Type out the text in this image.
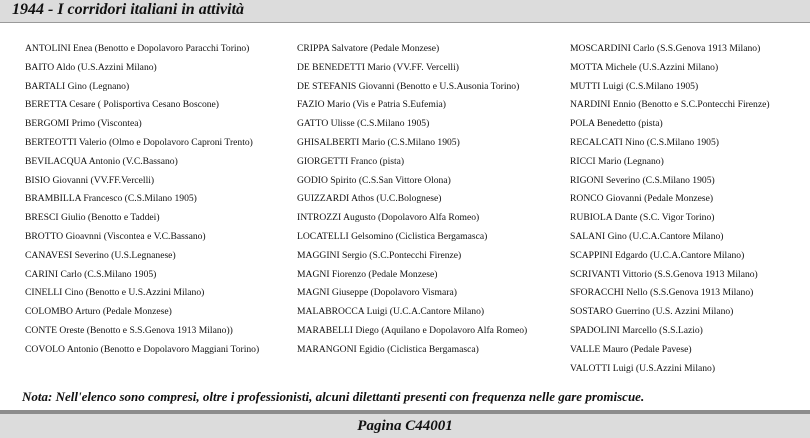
1944 - I corridori italiani in attività
ANTOLINI Enea (Benotto e Dopolavoro Paracchi Torino)
BAITO Aldo (U.S.Azzini Milano)
BARTALI Gino (Legnano)
BERETTA Cesare ( Polisportiva Cesano Boscone)
BERGOMI Primo (Viscontea)
BERTEOTTI Valerio (Olmo e Dopolavoro Caproni Trento)
BEVILACQUA Antonio (V.C.Bassano)
BISIO Giovanni (VV.FF.Vercelli)
BRAMBILLA Francesco (C.S.Milano 1905)
BRESCI Giulio (Benotto e Taddei)
BROTTO Gioavnni (Viscontea e V.C.Bassano)
CANAVESI Severino (U.S.Legnanese)
CARINI Carlo (C.S.Milano 1905)
CINELLI Cino (Benotto e U.S.Azzini Milano)
COLOMBO Arturo (Pedale Monzese)
CONTE Oreste (Benotto e S.S.Genova 1913 Milano))
COVOLO Antonio (Benotto e Dopolavoro Maggiani Torino)
CRIPPA Salvatore (Pedale Monzese)
DE BENEDETTI Mario (VV.FF. Vercelli)
DE STEFANIS Giovanni (Benotto e U.S.Ausonia Torino)
FAZIO Mario (Vis e Patria S.Eufemia)
GATTO Ulisse (C.S.Milano 1905)
GHISALBERTI Mario (C.S.Milano 1905)
GIORGETTI Franco (pista)
GODIO Spirito (C.S.San Vittore Olona)
GUIZZARDI Athos (U.C.Bolognese)
INTROZZI Augusto (Dopolavoro Alfa Romeo)
LOCATELLI Gelsomino (Ciclistica Bergamasca)
MAGGINI Sergio (S.C.Pontecchi Firenze)
MAGNI Fiorenzo (Pedale Monzese)
MAGNI Giuseppe (Dopolavoro Vismara)
MALABROCCA Luigi (U.C.A.Cantore Milano)
MARABELLI Diego (Aquilano e Dopolavoro Alfa Romeo)
MARANGONI Egidio (Ciclistica Bergamasca)
MOSCARDINI Carlo (S.S.Genova 1913 Milano)
MOTTA Michele (U.S.Azzini Milano)
MUTTI Luigi (C.S.Milano 1905)
NARDINI Ennio (Benotto e S.C.Pontecchi Firenze)
POLA Benedetto (pista)
RECALCATI Nino (C.S.Milano 1905)
RICCI Mario (Legnano)
RIGONI Severino (C.S.Milano 1905)
RONCO Giovanni (Pedale Monzese)
RUBIOLA Dante (S.C. Vigor Torino)
SALANI Gino (U.C.A.Cantore Milano)
SCAPPINI Edgardo (U.C.A.Cantore Milano)
SCRIVANTI Vittorio (S.S.Genova 1913 Milano)
SFORACCHI Nello (S.S.Genova 1913 Milano)
SOSTARO Guerrino (U.S. Azzini Milano)
SPADOLINI Marcello (S.S.Lazio)
VALLE Mauro (Pedale Pavese)
VALOTTI Luigi (U.S.Azzini Milano)
Nota: Nell'elenco sono compresi, oltre i professionisti, alcuni dilettanti presenti con frequenza nelle gare promiscue.
Pagina C44001
